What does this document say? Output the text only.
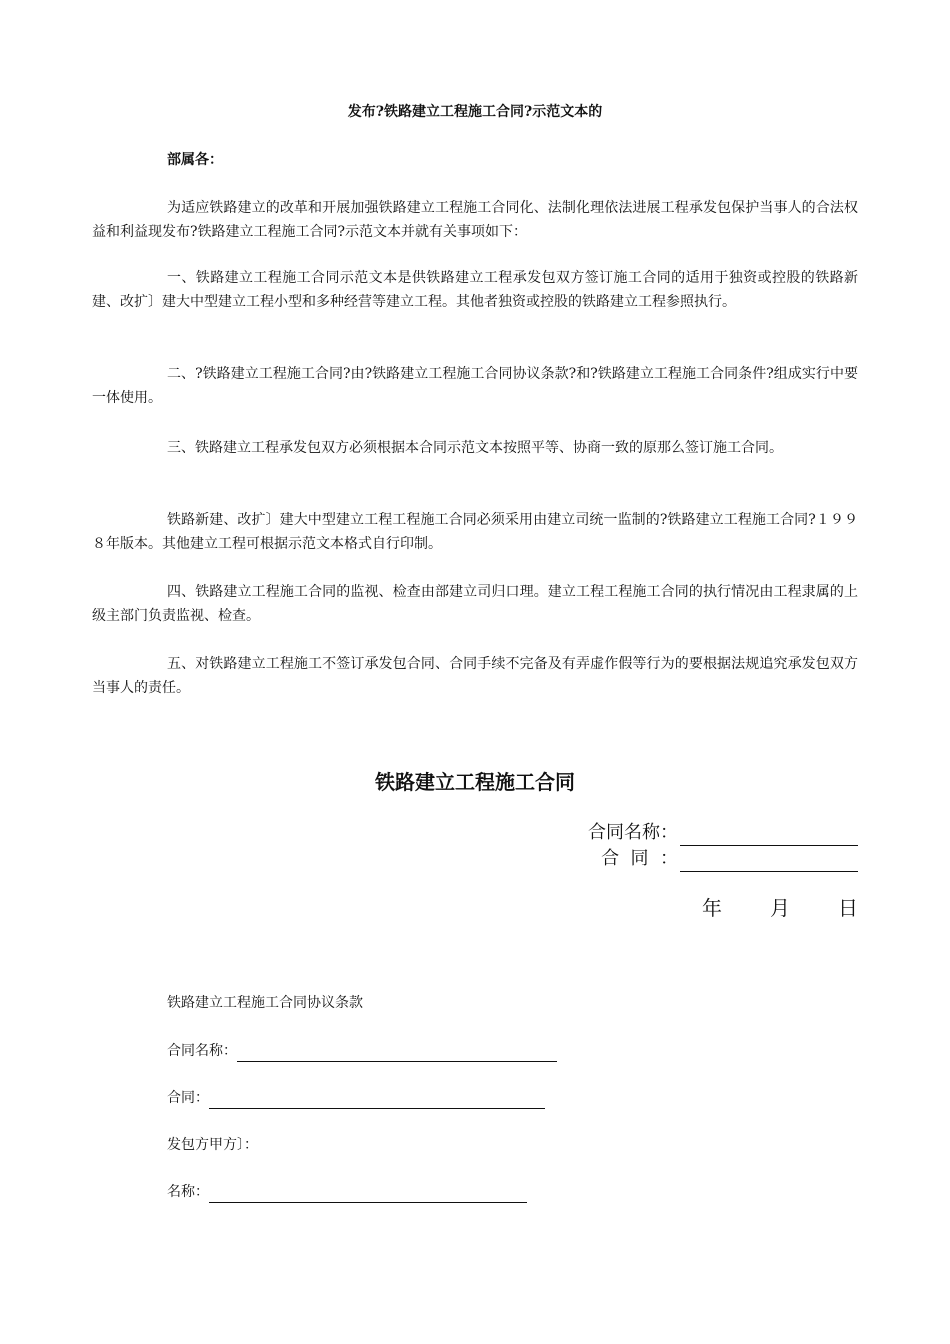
发布?铁路建立工程施工合同?示范文本的
部属各：

为适应铁路建立的改革和开展加强铁路建立工程施工合同化、法制化理依法进展工程承发包保护当事人的合法权益和利益现发布?铁路建立工程施工合同?示范文本并就有关事项如下：

一、铁路建立工程施工合同示范文本是供铁路建立工程承发包双方签订施工合同的适用于独资或控股的铁路新建、改扩〕建大中型建立工程小型和多种经营等建立工程。其他者独资或控股的铁路建立工程参照执行。

二、?铁路建立工程施工合同?由?铁路建立工程施工合同协议条款?和?铁路建立工程施工合同条件?组成实行中要一体使用。

三、铁路建立工程承发包双方必须根据本合同示范文本按照平等、协商一致的原那么签订施工合同。

铁路新建、改扩〕建大中型建立工程工程施工合同必须采用由建立司统一监制的?铁路建立工程施工合同?１９９８年版本。其他建立工程可根据示范文本格式自行印制。

四、铁路建立工程施工合同的监视、检查由部建立司归口理。建立工程工程施工合同的执行情况由工程隶属的上级主部门负责监视、检查。

五、对铁路建立工程施工不签订承发包合同、合同手续不完备及有弄虚作假等行为的要根据法规追究承发包双方当事人的责任。

铁路建立工程施工合同
合同名称：
合  同  ：
年 月 日
铁路建立工程施工合同协议条款
合同名称：
合同：
发包方甲方〕：
名称：
